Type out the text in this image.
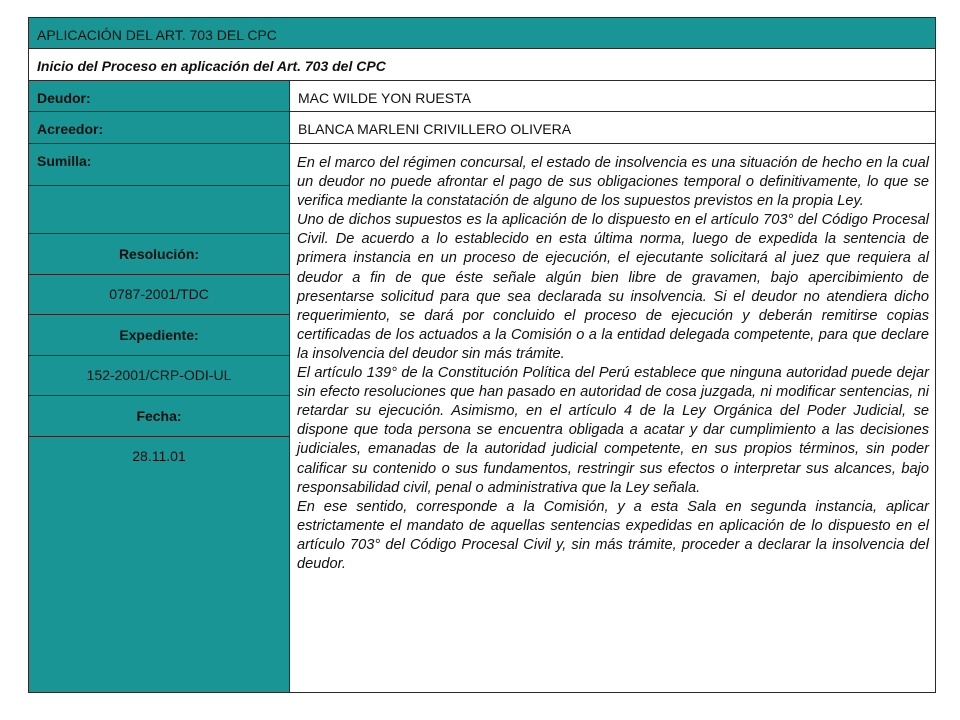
APLICACIÓN DEL ART. 703 DEL CPC
Inicio del Proceso en aplicación del Art. 703 del CPC
Deudor:	MAC WILDE YON RUESTA
Acreedor:	BLANCA MARLENI CRIVILLERO OLIVERA
Sumilla:
Resolución:
0787-2001/TDC
Expediente:
152-2001/CRP-ODI-UL
Fecha:
28.11.01

En el marco del régimen concursal, el estado de insolvencia es una situación de hecho en la cual un deudor no puede afrontar el pago de sus obligaciones temporal o definitivamente, lo que se verifica mediante la constatación de alguno de los supuestos previstos en la propia Ley.

Uno de dichos supuestos es la aplicación de lo dispuesto en el artículo 703° del Código Procesal Civil. De acuerdo a lo establecido en esta última norma, luego de expedida la sentencia de primera instancia en un proceso de ejecución, el ejecutante solicitará al juez que requiera al deudor a fin de que éste señale algún bien libre de gravamen, bajo apercibimiento de presentarse solicitud para que sea declarada su insolvencia. Si el deudor no atendiera dicho requerimiento, se dará por concluido el proceso de ejecución y deberán remitirse copias certificadas de los actuados a la Comisión o a la entidad delegada competente, para que declare la insolvencia del deudor sin más trámite.

El artículo 139° de la Constitución Política del Perú establece que ninguna autoridad puede dejar sin efecto resoluciones que han pasado en autoridad de cosa juzgada, ni modificar sentencias, ni retardar su ejecución. Asimismo, en el artículo 4 de la Ley Orgánica del Poder Judicial, se dispone que toda persona se encuentra obligada a acatar y dar cumplimiento a las decisiones judiciales, emanadas de la autoridad judicial competente, en sus propios términos, sin poder calificar su contenido o sus fundamentos, restringir sus efectos o interpretar sus alcances, bajo responsabilidad civil, penal o administrativa que la Ley señala.

En ese sentido, corresponde a la Comisión, y a esta Sala en segunda instancia, aplicar estrictamente el mandato de aquellas sentencias expedidas en aplicación de lo dispuesto en el artículo 703° del Código Procesal Civil y, sin más trámite, proceder a declarar la insolvencia del deudor.
